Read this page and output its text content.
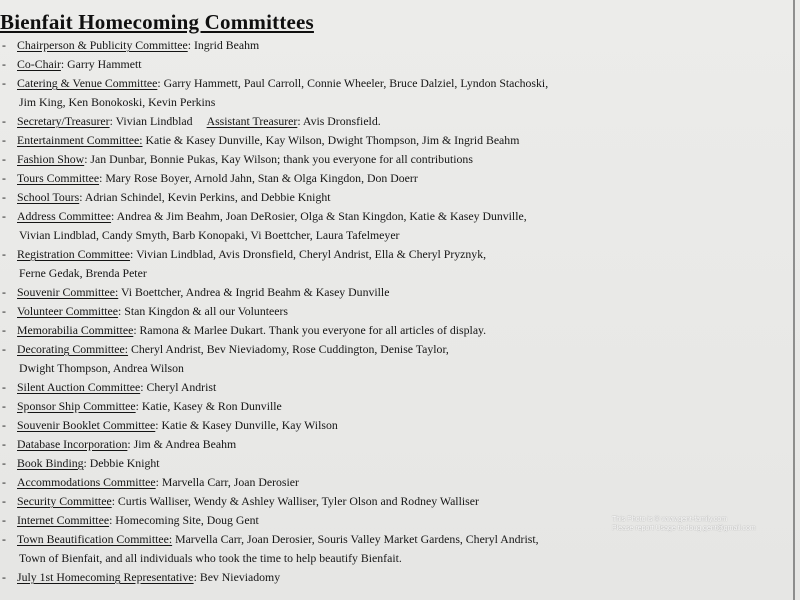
Bienfait Homecoming Committees
- Chairperson & Publicity Committee: Ingrid Beahm
- Co-Chair: Garry Hammett
- Catering & Venue Committee: Garry Hammett, Paul Carroll, Connie Wheeler, Bruce Dalziel, Lyndon Stachoski,
Jim King, Ken Bonokoski, Kevin Perkins
- Secretary/Treasurer: Vivian Lindblad Assistant Treasurer: Avis Dronsfield.
- Entertainment Committee: Katie & Kasey Dunville, Kay Wilson, Dwight Thompson, Jim & Ingrid Beahm
- Fashion Show: Jan Dunbar, Bonnie Pukas, Kay Wilson; thank you everyone for all contributions
- Tours Committee: Mary Rose Boyer, Arnold Jahn, Stan & Olga Kingdon, Don Doerr
- School Tours: Adrian Schindel, Kevin Perkins, and Debbie Knight
- Address Committee: Andrea & Jim Beahm, Joan DeRosier, Olga & Stan Kingdon, Katie & Kasey Dunville,
Vivian Lindblad, Candy Smyth, Barb Konopaki, Vi Boettcher, Laura Tafelmeyer
- Registration Committee: Vivian Lindblad, Avis Dronsfield, Cheryl Andrist, Ella & Cheryl Pryznyk,
Ferne Gedak, Brenda Peter
- Souvenir Committee: Vi Boettcher, Andrea & Ingrid Beahm & Kasey Dunville
- Volunteer Committee: Stan Kingdon & all our Volunteers
- Memorabilia Committee: Ramona & Marlee Dukart. Thank you everyone for all articles of display.
- Decorating Committee: Cheryl Andrist, Bev Nieviadomy, Rose Cuddington, Denise Taylor,
Dwight Thompson, Andrea Wilson
- Silent Auction Committee: Cheryl Andrist
- Sponsor Ship Committee: Katie, Kasey & Ron Dunville
- Souvenir Booklet Committee: Katie & Kasey Dunville, Kay Wilson
- Database Incorporation: Jim & Andrea Beahm
- Book Binding: Debbie Knight
- Accommodations Committee: Marvella Carr, Joan Derosier
- Security Committee: Curtis Walliser, Wendy & Ashley Walliser, Tyler Olson and Rodney Walliser
- Internet Committee: Homecoming Site, Doug Gent
- Town Beautification Committee: Marvella Carr, Joan Derosier, Souris Valley Market Gardens, Cheryl Andrist,
Town of Bienfait, and all individuals who took the time to help beautify Bienfait.
- July 1st Homecoming Representative: Bev Nieviadomy
This Photo is © www.gent-family.com
Please report Usage to doug.gent@gmail.com
